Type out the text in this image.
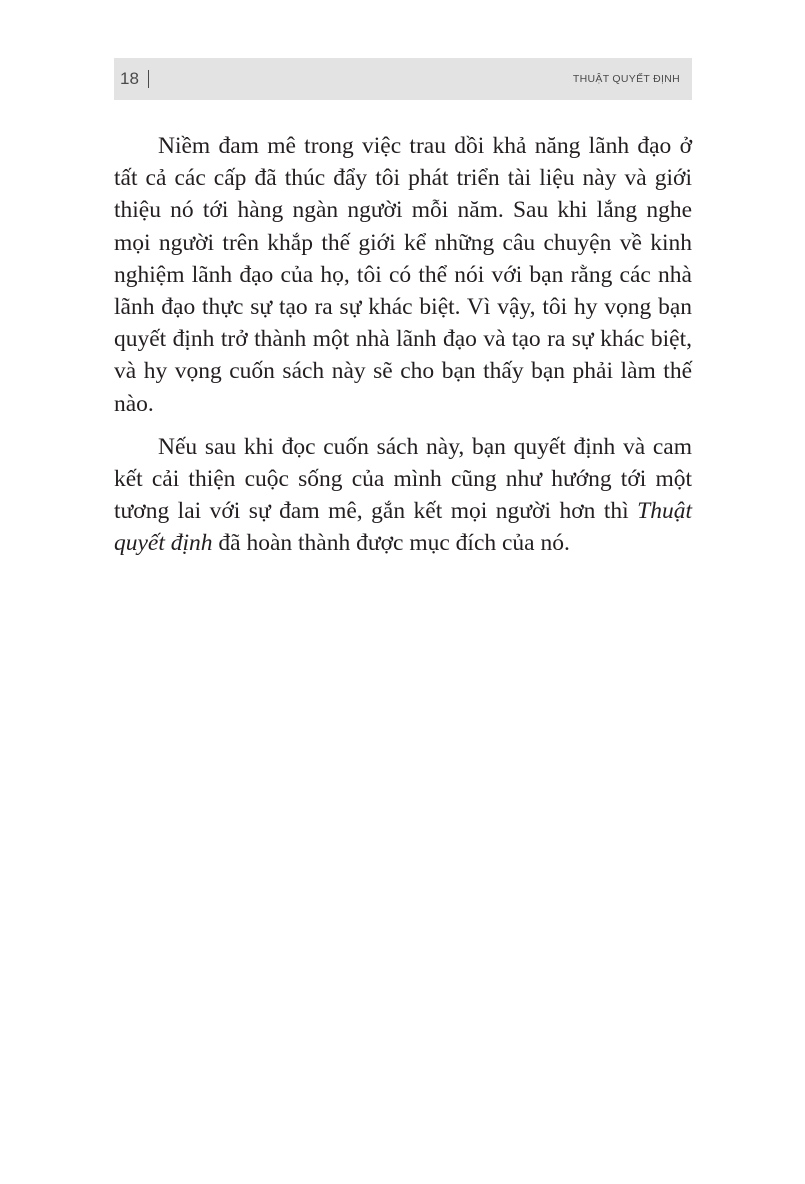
18	THUẬT QUYẾT ĐỊNH

Niềm đam mê trong việc trau dồi khả năng lãnh đạo ở tất cả các cấp đã thúc đẩy tôi phát triển tài liệu này và giới thiệu nó tới hàng ngàn người mỗi năm. Sau khi lắng nghe mọi người trên khắp thế giới kể những câu chuyện về kinh nghiệm lãnh đạo của họ, tôi có thể nói với bạn rằng các nhà lãnh đạo thực sự tạo ra sự khác biệt. Vì vậy, tôi hy vọng bạn quyết định trở thành một nhà lãnh đạo và tạo ra sự khác biệt, và hy vọng cuốn sách này sẽ cho bạn thấy bạn phải làm thế nào.

Nếu sau khi đọc cuốn sách này, bạn quyết định và cam kết cải thiện cuộc sống của mình cũng như hướng tới một tương lai với sự đam mê, gắn kết mọi người hơn thì Thuật quyết định đã hoàn thành được mục đích của nó.
